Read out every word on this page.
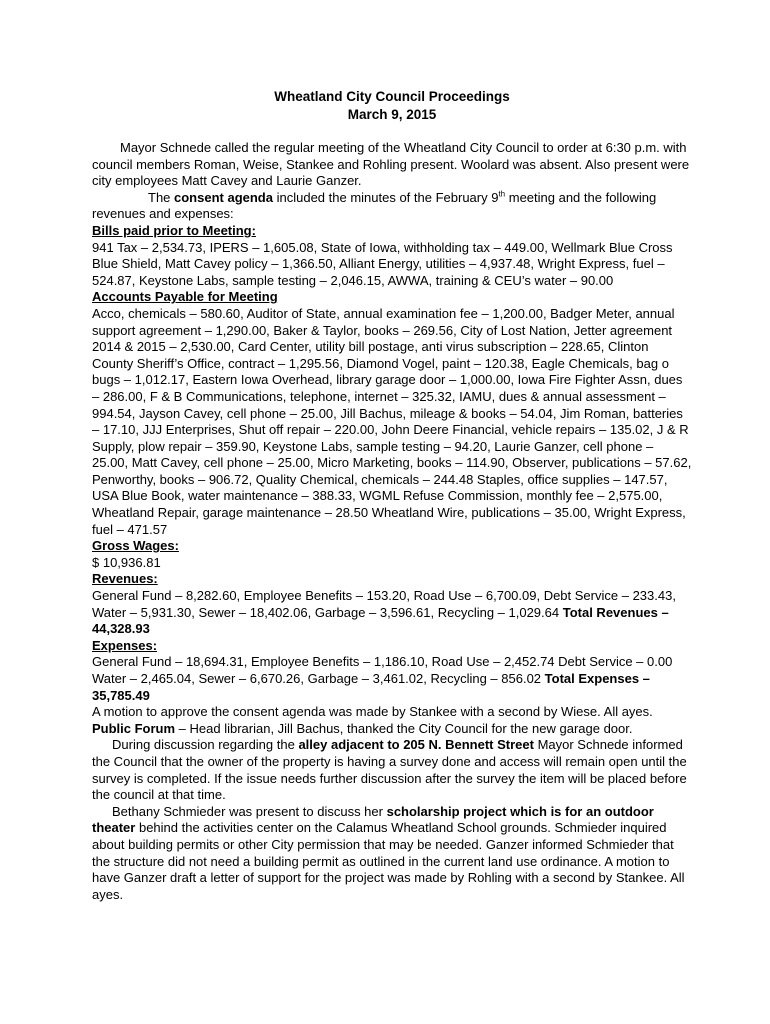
Wheatland City Council Proceedings
March 9, 2015

Mayor Schnede called the regular meeting of the Wheatland City Council to order at 6:30 p.m. with council members Roman, Weise, Stankee and Rohling present. Woolard was absent. Also present were city employees Matt Cavey and Laurie Ganzer.

The consent agenda included the minutes of the February 9th meeting and the following revenues and expenses:

Bills paid prior to Meeting:

941 Tax – 2,534.73, IPERS – 1,605.08, State of Iowa, withholding tax – 449.00, Wellmark Blue Cross Blue Shield, Matt Cavey policy – 1,366.50, Alliant Energy, utilities – 4,937.48, Wright Express, fuel – 524.87, Keystone Labs, sample testing – 2,046.15, AWWA, training & CEU’s water – 90.00

Accounts Payable for Meeting

Acco, chemicals – 580.60, Auditor of State, annual examination fee – 1,200.00, Badger Meter, annual support agreement – 1,290.00, Baker & Taylor, books – 269.56, City of Lost Nation, Jetter agreement 2014 & 2015 – 2,530.00, Card Center, utility bill postage, anti virus subscription – 228.65, Clinton County Sheriff’s Office, contract – 1,295.56, Diamond Vogel, paint – 120.38, Eagle Chemicals, bag o bugs – 1,012.17, Eastern Iowa Overhead, library garage door – 1,000.00, Iowa Fire Fighter Assn, dues – 286.00, F & B Communications, telephone, internet – 325.32, IAMU, dues & annual assessment – 994.54, Jayson Cavey, cell phone – 25.00, Jill Bachus, mileage & books – 54.04, Jim Roman, batteries – 17.10, JJJ Enterprises, Shut off repair – 220.00, John Deere Financial, vehicle repairs – 135.02, J & R Supply, plow repair – 359.90, Keystone Labs, sample testing – 94.20, Laurie Ganzer, cell phone – 25.00, Matt Cavey, cell phone – 25.00, Micro Marketing, books – 114.90, Observer, publications – 57.62, Penworthy, books – 906.72, Quality Chemical, chemicals – 244.48 Staples, office supplies – 147.57, USA Blue Book, water maintenance – 388.33, WGML Refuse Commission, monthly fee – 2,575.00, Wheatland Repair, garage maintenance – 28.50 Wheatland Wire, publications – 35.00, Wright Express, fuel – 471.57

Gross Wages:

$ 10,936.81

Revenues:

General Fund – 8,282.60, Employee Benefits – 153.20, Road Use – 6,700.09, Debt Service – 233.43, Water – 5,931.30, Sewer – 18,402.06, Garbage – 3,596.61, Recycling – 1,029.64 Total Revenues – 44,328.93

Expenses:

General Fund – 18,694.31, Employee Benefits – 1,186.10, Road Use – 2,452.74 Debt Service – 0.00 Water – 2,465.04, Sewer – 6,670.26, Garbage – 3,461.02, Recycling – 856.02 Total Expenses – 35,785.49

A motion to approve the consent agenda was made by Stankee with a second by Wiese. All ayes.

Public Forum – Head librarian, Jill Bachus, thanked the City Council for the new garage door.

During discussion regarding the alley adjacent to 205 N. Bennett Street Mayor Schnede informed the Council that the owner of the property is having a survey done and access will remain open until the survey is completed. If the issue needs further discussion after the survey the item will be placed before the council at that time.

Bethany Schmieder was present to discuss her scholarship project which is for an outdoor theater behind the activities center on the Calamus Wheatland School grounds. Schmieder inquired about building permits or other City permission that may be needed. Ganzer informed Schmieder that the structure did not need a building permit as outlined in the current land use ordinance. A motion to have Ganzer draft a letter of support for the project was made by Rohling with a second by Stankee. All ayes.
